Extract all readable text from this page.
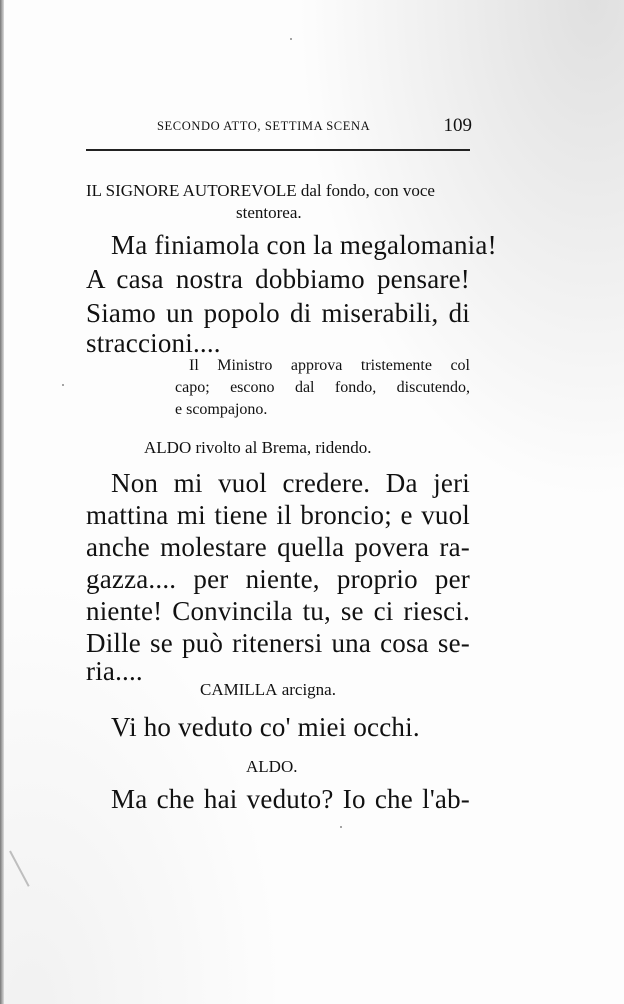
SECONDO ATTO, SETTIMA SCENA	109
IL SIGNORE AUTOREVOLE dal fondo, con voce
stentorea.
Ma finiamola con la megalomania!
A casa nostra dobbiamo pensare!
Siamo un popolo di miserabili, di
straccioni....
Il Ministro approva tristemente col
capo; escono dal fondo, discutendo,
e scompajono.
ALDO rivolto al Brema, ridendo.
Non mi vuol credere. Da jeri
mattina mi tiene il broncio; e vuol
anche molestare quella povera ra-
gazza.... per niente, proprio per
niente! Convincila tu, se ci riesci.
Dille se può ritenersi una cosa se-
ria....
CAMILLA arcigna.
Vi ho veduto co' miei occhi.
ALDO.
Ma che hai veduto? Io che l'ab-
